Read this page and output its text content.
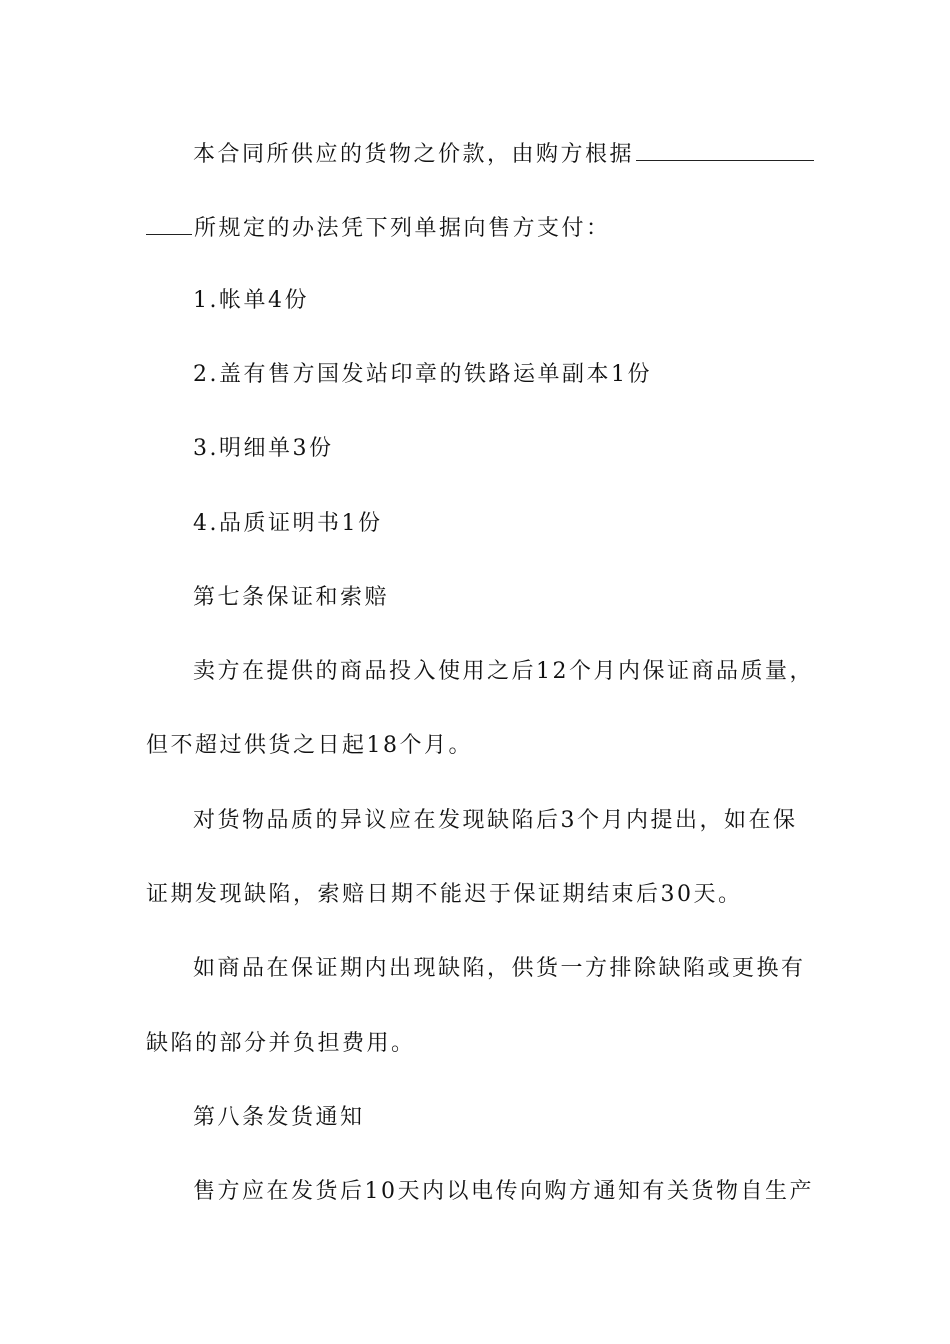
本合同所供应的货物之价款，由购方根据
所规定的办法凭下列单据向售方支付：
1.帐单4份
2.盖有售方国发站印章的铁路运单副本1份
3.明细单3份
4.品质证明书1份
第七条保证和索赔
卖方在提供的商品投入使用之后12个月内保证商品质量，
但不超过供货之日起18个月。
对货物品质的异议应在发现缺陷后3个月内提出，如在保
证期发现缺陷，索赔日期不能迟于保证期结束后30天。
如商品在保证期内出现缺陷，供货一方排除缺陷或更换有
缺陷的部分并负担费用。
第八条发货通知
售方应在发货后10天内以电传向购方通知有关货物自生产
